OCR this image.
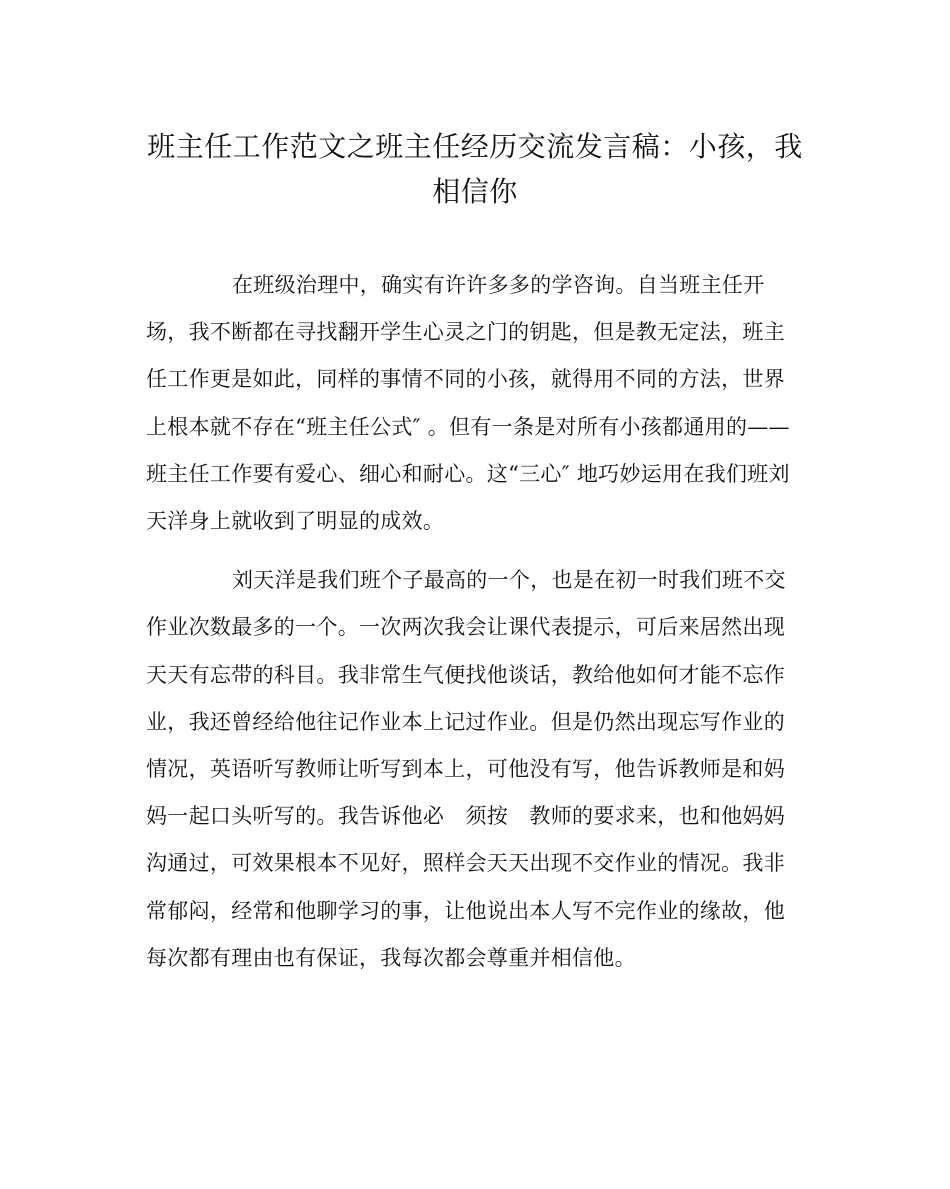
班主任工作范文之班主任经历交流发言稿：小孩，我
相信你
在班级治理中，确实有许许多多的学咨询。自当班主任开
场，我不断都在寻找翻开学生心灵之门的钥匙，但是教无定法，班主
任工作更是如此，同样的事情不同的小孩，就得用不同的方法，世界
上根本就不存在“班主任公式″ 。但有一条是对所有小孩都通用的——
班主任工作要有爱心、细心和耐心。这“三心″ 地巧妙运用在我们班刘
天洋身上就收到了明显的成效。
刘天洋是我们班个子最高的一个，也是在初一时我们班不交
作业次数最多的一个。一次两次我会让课代表提示，可后来居然出现
天天有忘带的科目。我非常生气便找他谈话，教给他如何才能不忘作
业，我还曾经给他往记作业本上记过作业。但是仍然出现忘写作业的
情况，英语听写教师让听写到本上，可他没有写，他告诉教师是和妈
妈一起口头听写的。我告诉他必　须按　教师的要求来，也和他妈妈
沟通过，可效果根本不见好，照样会天天出现不交作业的情况。我非
常郁闷，经常和他聊学习的事，让他说出本人写不完作业的缘故，他
每次都有理由也有保证，我每次都会尊重并相信他。
